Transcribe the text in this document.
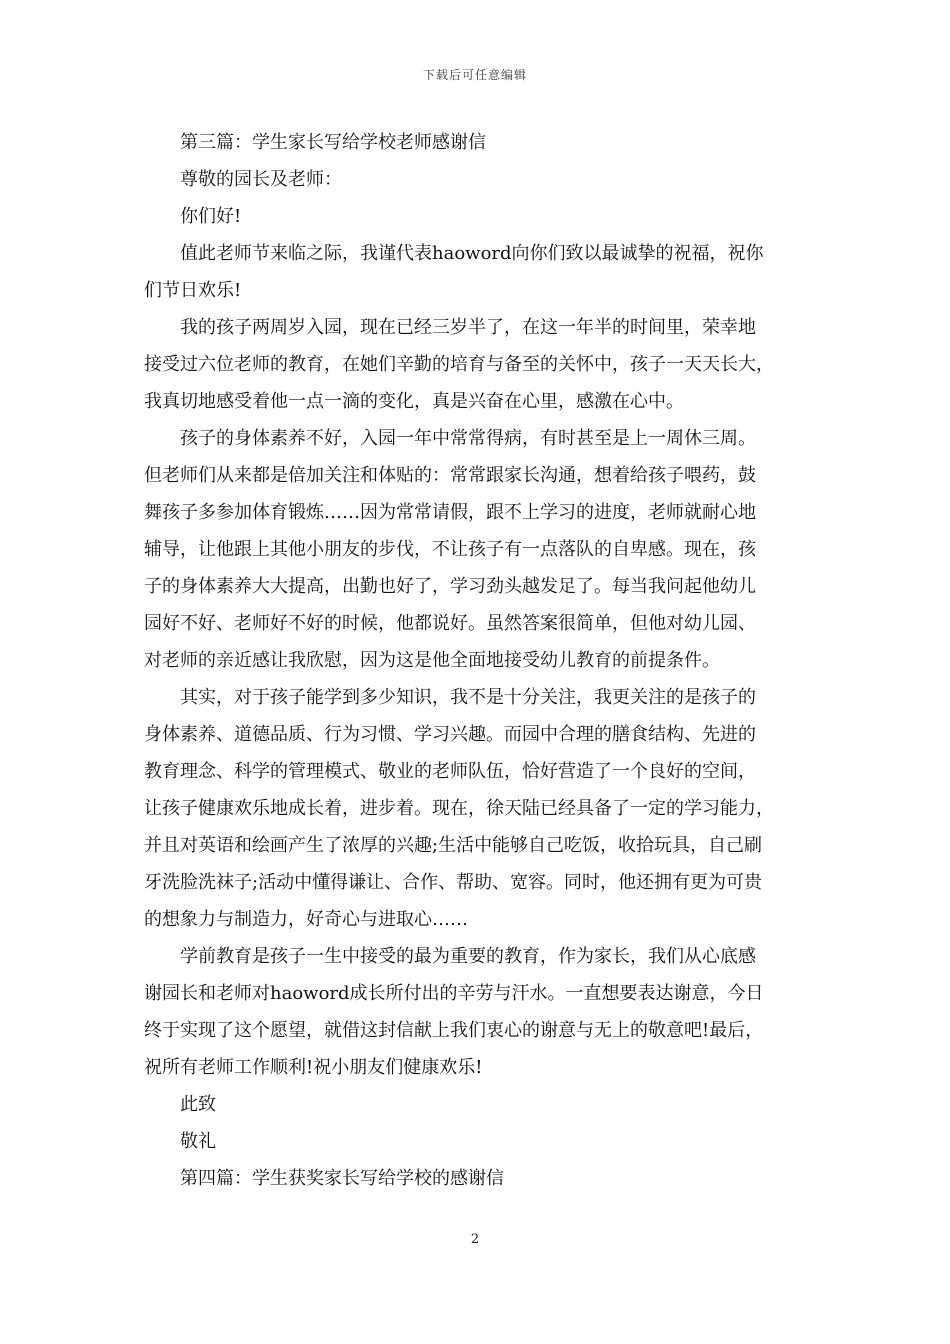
下载后可任意编辑
第三篇：学生家长写给学校老师感谢信
尊敬的园长及老师：
你们好!
值此老师节来临之际，我谨代表haoword向你们致以最诚挚的祝福，祝你
们节日欢乐!
我的孩子两周岁入园，现在已经三岁半了，在这一年半的时间里，荣幸地
接受过六位老师的教育，在她们辛勤的培育与备至的关怀中，孩子一天天长大，
我真切地感受着他一点一滴的变化，真是兴奋在心里，感激在心中。
孩子的身体素养不好，入园一年中常常得病，有时甚至是上一周休三周。
但老师们从来都是倍加关注和体贴的：常常跟家长沟通，想着给孩子喂药，鼓
舞孩子多参加体育锻炼……因为常常请假，跟不上学习的进度，老师就耐心地
辅导，让他跟上其他小朋友的步伐，不让孩子有一点落队的自卑感。现在，孩
子的身体素养大大提高，出勤也好了，学习劲头越发足了。每当我问起他幼儿
园好不好、老师好不好的时候，他都说好。虽然答案很简单，但他对幼儿园、
对老师的亲近感让我欣慰，因为这是他全面地接受幼儿教育的前提条件。
其实，对于孩子能学到多少知识，我不是十分关注，我更关注的是孩子的
身体素养、道德品质、行为习惯、学习兴趣。而园中合理的膳食结构、先进的
教育理念、科学的管理模式、敬业的老师队伍，恰好营造了一个良好的空间，
让孩子健康欢乐地成长着，进步着。现在，徐天陆已经具备了一定的学习能力，
并且对英语和绘画产生了浓厚的兴趣;生活中能够自己吃饭，收拾玩具，自己刷
牙洗脸洗袜子;活动中懂得谦让、合作、帮助、宽容。同时，他还拥有更为可贵
的想象力与制造力，好奇心与进取心……
学前教育是孩子一生中接受的最为重要的教育，作为家长，我们从心底感
谢园长和老师对haoword成长所付出的辛劳与汗水。一直想要表达谢意，今日
终于实现了这个愿望，就借这封信献上我们衷心的谢意与无上的敬意吧!最后，
祝所有老师工作顺利!祝小朋友们健康欢乐!
此致
敬礼
第四篇：学生获奖家长写给学校的感谢信
2
